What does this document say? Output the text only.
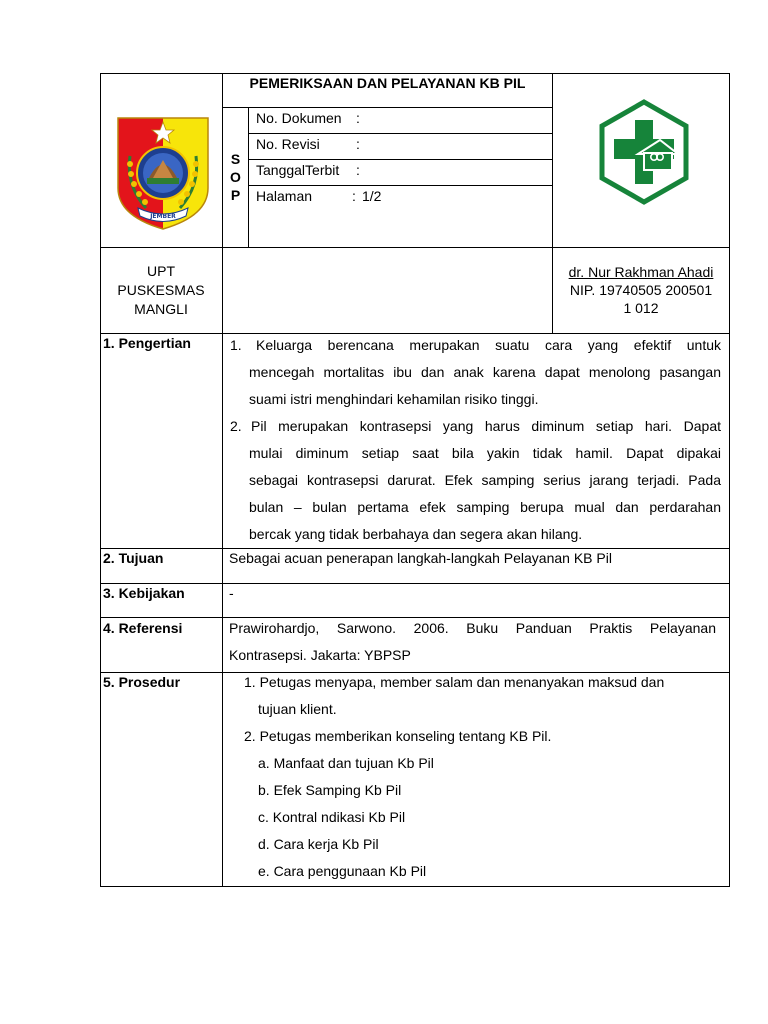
PEMERIKSAAN DAN PELAYANAN KB PIL
S
O
P
No. Dokumen :
No. Revisi	:
TanggalTerbit :
Halaman	: 1/2
JEMBER
UPT
PUSKESMAS
MANGLI
dr. Nur Rakhman Ahadi
NIP. 19740505 200501
1 012
1. Pengertian	1. Keluarga berencana merupakan suatu cara yang efektif untuk
mencegah mortalitas ibu dan anak karena dapat menolong pasangan
suami istri menghindari kehamilan risiko tinggi.
2. Pil merupakan kontrasepsi yang harus diminum setiap hari. Dapat
mulai diminum setiap saat bila yakin tidak hamil. Dapat dipakai
sebagai kontrasepsi darurat. Efek samping serius jarang terjadi. Pada
bulan – bulan pertama efek samping berupa mual dan perdarahan
bercak yang tidak berbahaya dan segera akan hilang.
2. Tujuan	Sebagai acuan penerapan langkah-langkah Pelayanan KB Pil
3. Kebijakan	-
4. Referensi	Prawirohardjo, Sarwono. 2006. Buku Panduan Praktis Pelayanan
Kontrasepsi. Jakarta: YBPSP
5. Prosedur	1. Petugas menyapa, member salam dan menanyakan maksud dan
tujuan klient.
2. Petugas memberikan konseling tentang KB Pil.
a. Manfaat dan tujuan Kb Pil
b. Efek Samping Kb Pil
c. Kontral ndikasi Kb Pil
d. Cara kerja Kb Pil
e. Cara penggunaan Kb Pil
